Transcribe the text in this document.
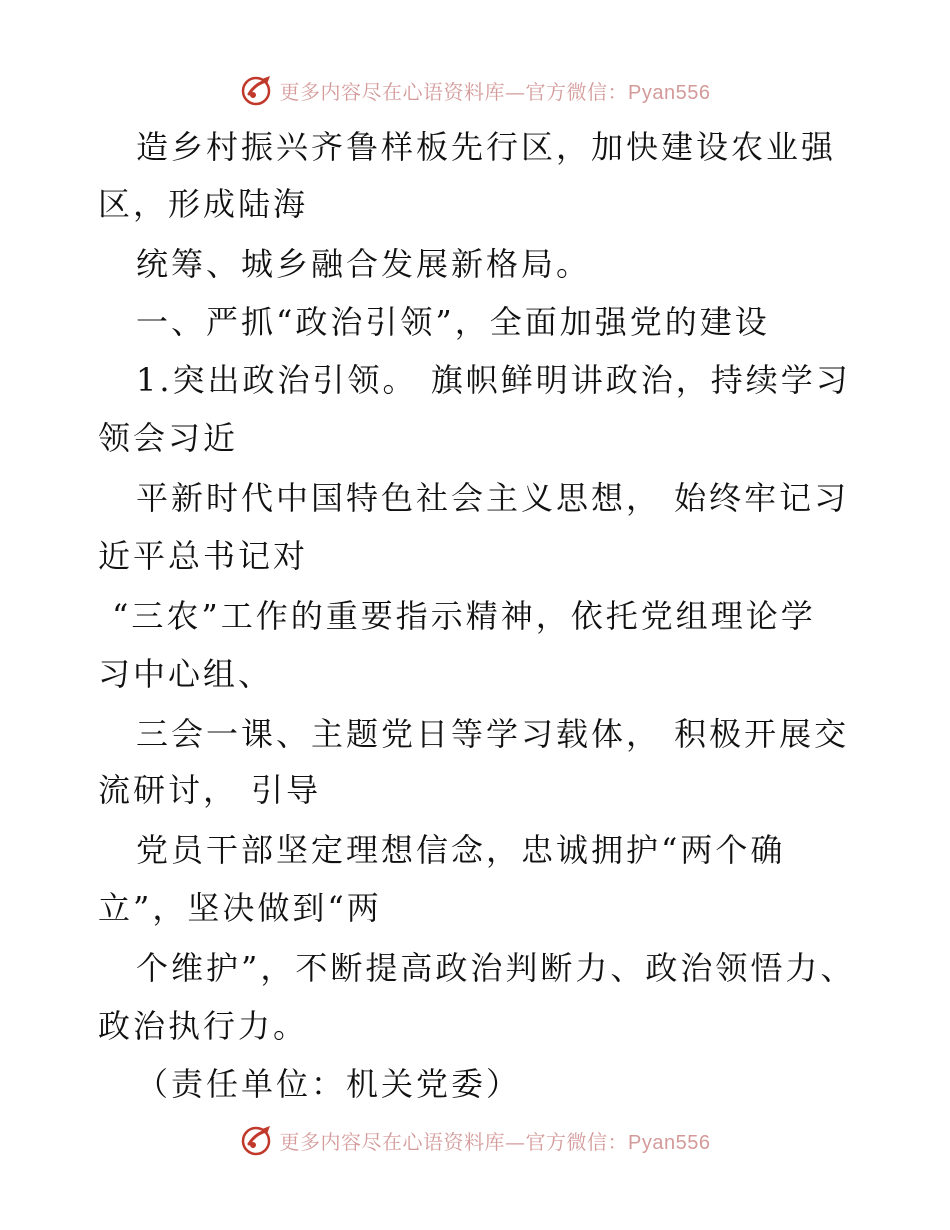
更多内容尽在心语资料库—官方微信：Pyan556
造乡村振兴齐鲁样板先行区，加快建设农业强
区，形成陆海
统筹、城乡融合发展新格局。
一、严抓“政治引领”，全面加强党的建设
1.突出政治引领。 旗帜鲜明讲政治，持续学习
领会习近
平新时代中国特色社会主义思想， 始终牢记习
近平总书记对
“三农”工作的重要指示精神，依托党组理论学
习中心组、
三会一课、主题党日等学习载体， 积极开展交
流研讨， 引导
党员干部坚定理想信念，忠诚拥护“两个确
立”，坚决做到“两
个维护”，不断提高政治判断力、政治领悟力、
政治执行力。
（责任单位：机关党委）
更多内容尽在心语资料库—官方微信：Pyan556
